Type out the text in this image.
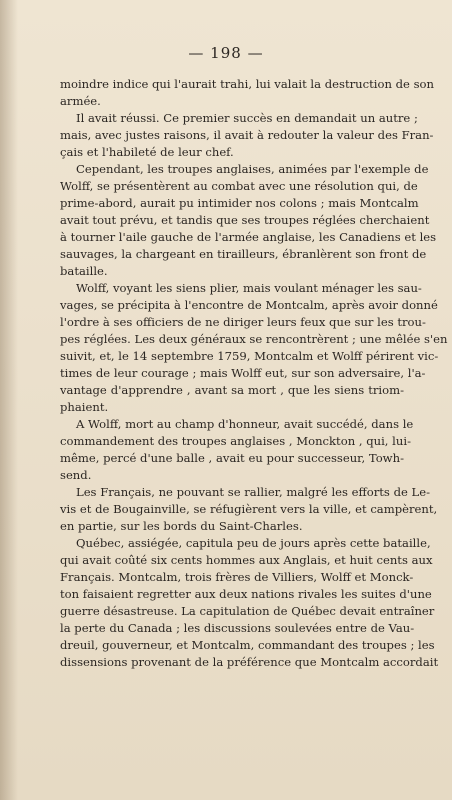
— 198 —
moindre indice qui l'aurait trahi, lui valait la destruction de son
armée.
Il avait réussi. Ce premier succès en demandait un autre ;
mais, avec justes raisons, il avait à redouter la valeur des Fran-
çais et l'habileté de leur chef.
Cependant, les troupes anglaises, animées par l'exemple de
Wolff, se présentèrent au combat avec une résolution qui, de
prime-abord, aurait pu intimider nos colons ; mais Montcalm
avait tout prévu, et tandis que ses troupes réglées cherchaient
à tourner l'aile gauche de l'armée anglaise, les Canadiens et les
sauvages, la chargeant en tirailleurs, ébranlèrent son front de
bataille.
Wolff, voyant les siens plier, mais voulant ménager les sau-
vages, se précipita à l'encontre de Montcalm, après avoir donné
l'ordre à ses officiers de ne diriger leurs feux que sur les trou-
pes réglées. Les deux généraux se rencontrèrent ; une mêlée s'en
suivit, et, le 14 septembre 1759, Montcalm et Wolff périrent vic-
times de leur courage ; mais Wolff eut, sur son adversaire, l'a-
vantage d'apprendre , avant sa mort , que les siens triom-
phaient.
A Wolff, mort au champ d'honneur, avait succédé, dans le
commandement des troupes anglaises , Monckton , qui, lui-
même, percé d'une balle , avait eu pour successeur, Towh-
send.
Les Français, ne pouvant se rallier, malgré les efforts de Le-
vis et de Bougainville, se réfugièrent vers la ville, et campèrent,
en partie, sur les bords du Saint-Charles.
Québec, assiégée, capitula peu de jours après cette bataille,
qui avait coûté six cents hommes aux Anglais, et huit cents aux
Français. Montcalm, trois frères de Villiers, Wolff et Monck-
ton faisaient regretter aux deux nations rivales les suites d'une
guerre désastreuse. La capitulation de Québec devait entraîner
la perte du Canada ; les discussions soulevées entre de Vau-
dreuil, gouverneur, et Montcalm, commandant des troupes ; les
dissensions provenant de la préférence que Montcalm accordait
